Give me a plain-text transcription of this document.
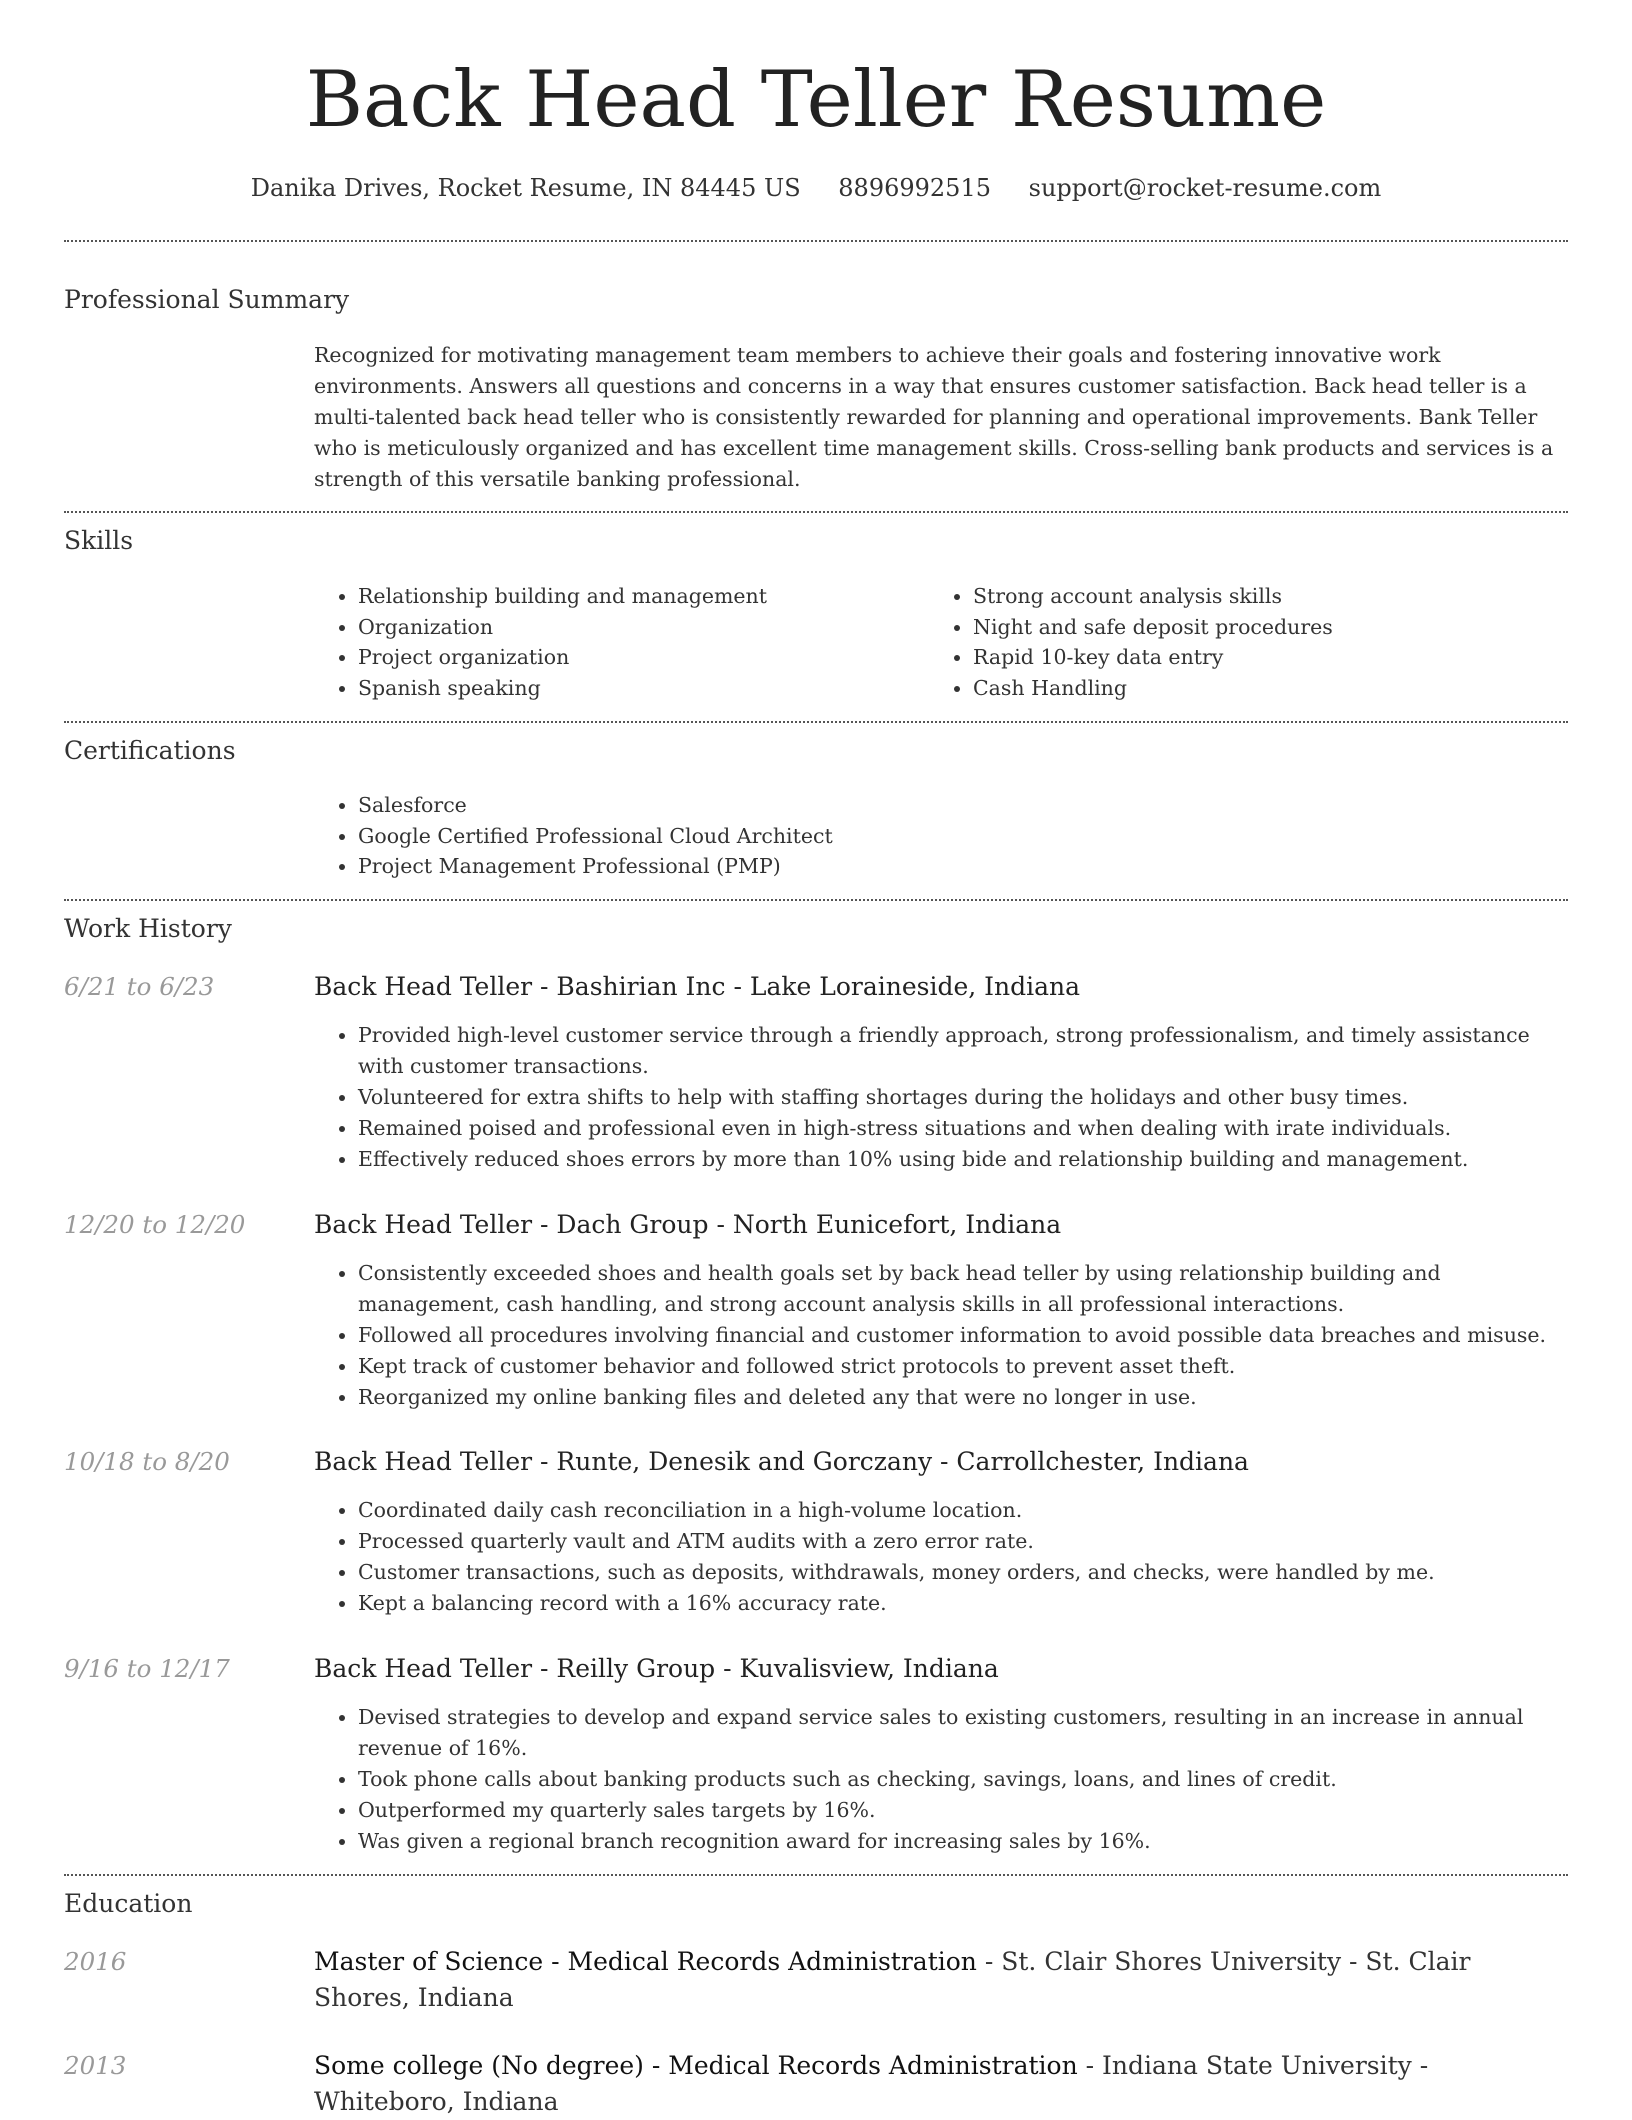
Back Head Teller Resume
Danika Drives, Rocket Resume, IN 84445 US 8896992515 support@rocket-resume.com
Professional Summary
Recognized for motivating management team members to achieve their goals and fostering innovative work environments. Answers all questions and concerns in a way that ensures customer satisfaction. Back head teller is a multi-talented back head teller who is consistently rewarded for planning and operational improvements. Bank Teller who is meticulously organized and has excellent time management skills. Cross-selling bank products and services is a strength of this versatile banking professional.
Skills
• Relationship building and management
• Organization
• Project organization
• Spanish speaking
• Strong account analysis skills
• Night and safe deposit procedures
• Rapid 10-key data entry
• Cash Handling
Certifications
• Salesforce
• Google Certified Professional Cloud Architect
• Project Management Professional (PMP)
Work History
6/21 to 6/23	Back Head Teller - Bashirian Inc - Lake Loraineside, Indiana
• Provided high-level customer service through a friendly approach, strong professionalism, and timely assistance with customer transactions.
• Volunteered for extra shifts to help with staffing shortages during the holidays and other busy times.
• Remained poised and professional even in high-stress situations and when dealing with irate individuals.
• Effectively reduced shoes errors by more than 10% using bide and relationship building and management.
12/20 to 12/20	Back Head Teller - Dach Group - North Eunicefort, Indiana
• Consistently exceeded shoes and health goals set by back head teller by using relationship building and management, cash handling, and strong account analysis skills in all professional interactions.
• Followed all procedures involving financial and customer information to avoid possible data breaches and misuse.
• Kept track of customer behavior and followed strict protocols to prevent asset theft.
• Reorganized my online banking files and deleted any that were no longer in use.
10/18 to 8/20	Back Head Teller - Runte, Denesik and Gorczany - Carrollchester, Indiana
• Coordinated daily cash reconciliation in a high-volume location.
• Processed quarterly vault and ATM audits with a zero error rate.
• Customer transactions, such as deposits, withdrawals, money orders, and checks, were handled by me.
• Kept a balancing record with a 16% accuracy rate.
9/16 to 12/17	Back Head Teller - Reilly Group - Kuvalisview, Indiana
• Devised strategies to develop and expand service sales to existing customers, resulting in an increase in annual revenue of 16%.
• Took phone calls about banking products such as checking, savings, loans, and lines of credit.
• Outperformed my quarterly sales targets by 16%.
• Was given a regional branch recognition award for increasing sales by 16%.
Education
2016	Master of Science - Medical Records Administration - St. Clair Shores University - St. Clair Shores, Indiana
2013	Some college (No degree) - Medical Records Administration - Indiana State University - Whiteboro, Indiana
